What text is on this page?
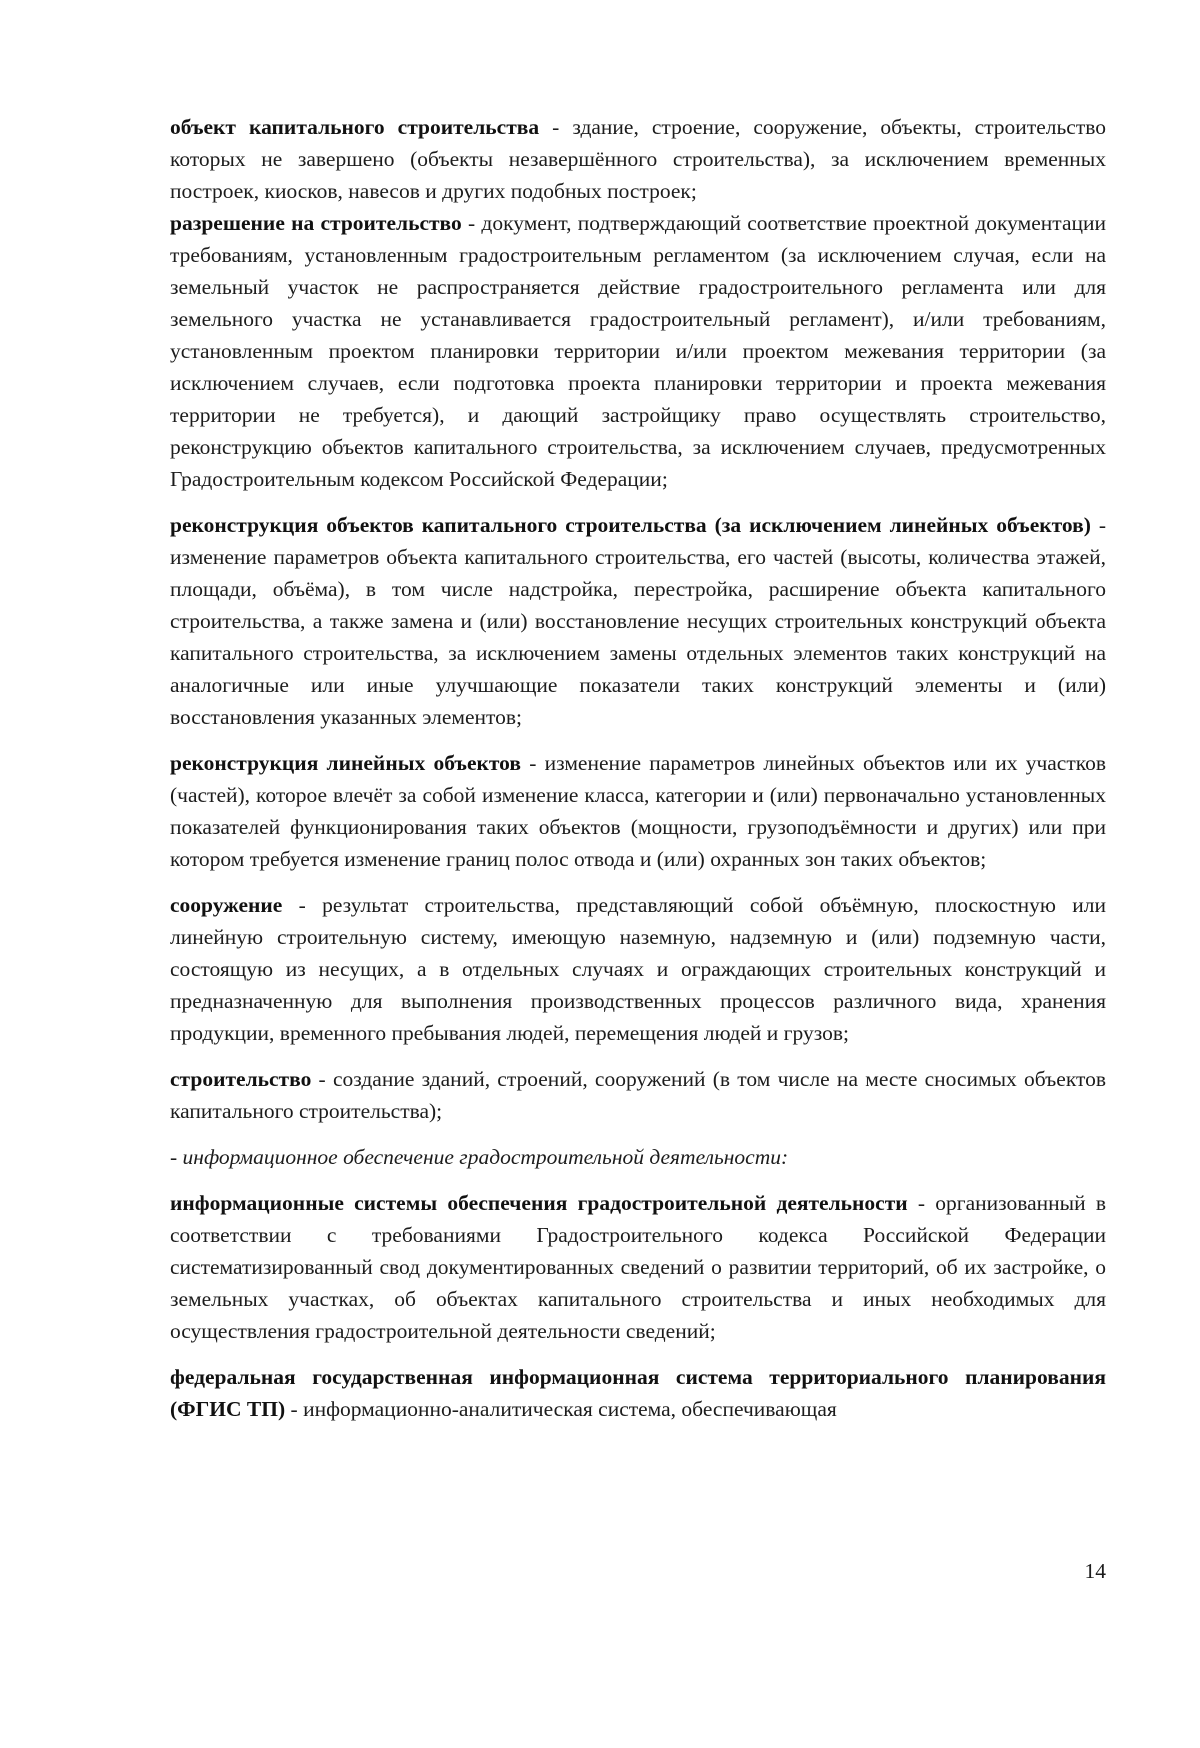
объект капитального строительства - здание, строение, сооружение, объекты, строительство которых не завершено (объекты незавершённого строительства), за исключением временных построек, киосков, навесов и других подобных построек;
разрешение на строительство - документ, подтверждающий соответствие проектной документации требованиям, установленным градостроительным регламентом (за исключением случая, если на земельный участок не распространяется действие градостроительного регламента или для земельного участка не устанавливается градостроительный регламент), и/или требованиям, установленным проектом планировки территории и/или проектом межевания территории (за исключением случаев, если подготовка проекта планировки территории и проекта межевания территории не требуется), и дающий застройщику право осуществлять строительство, реконструкцию объектов капитального строительства, за исключением случаев, предусмотренных Градостроительным кодексом Российской Федерации;

реконструкция объектов капитального строительства (за исключением линейных объектов) - изменение параметров объекта капитального строительства, его частей (высоты, количества этажей, площади, объёма), в том числе надстройка, перестройка, расширение объекта капитального строительства, а также замена и (или) восстановление несущих строительных конструкций объекта капитального строительства, за исключением замены отдельных элементов таких конструкций на аналогичные или иные улучшающие показатели таких конструкций элементы и (или) восстановления указанных элементов;

реконструкция линейных объектов - изменение параметров линейных объектов или их участков (частей), которое влечёт за собой изменение класса, категории и (или) первоначально установленных показателей функционирования таких объектов (мощности, грузоподъёмности и других) или при котором требуется изменение границ полос отвода и (или) охранных зон таких объектов;

сооружение - результат строительства, представляющий собой объёмную, плоскостную или линейную строительную систему, имеющую наземную, надземную и (или) подземную части, состоящую из несущих, а в отдельных случаях и ограждающих строительных конструкций и предназначенную для выполнения производственных процессов различного вида, хранения продукции, временного пребывания людей, перемещения людей и грузов;

строительство - создание зданий, строений, сооружений (в том числе на месте сносимых объектов капитального строительства);

- информационное обеспечение градостроительной деятельности:

информационные системы обеспечения градостроительной деятельности - организованный в соответствии с требованиями Градостроительного кодекса Российской Федерации систематизированный свод документированных сведений о развитии территорий, об их застройке, о земельных участках, об объектах капитального строительства и иных необходимых для осуществления градостроительной деятельности сведений;

федеральная государственная информационная система территориального планирования (ФГИС ТП) - информационно-аналитическая система, обеспечивающая

14
